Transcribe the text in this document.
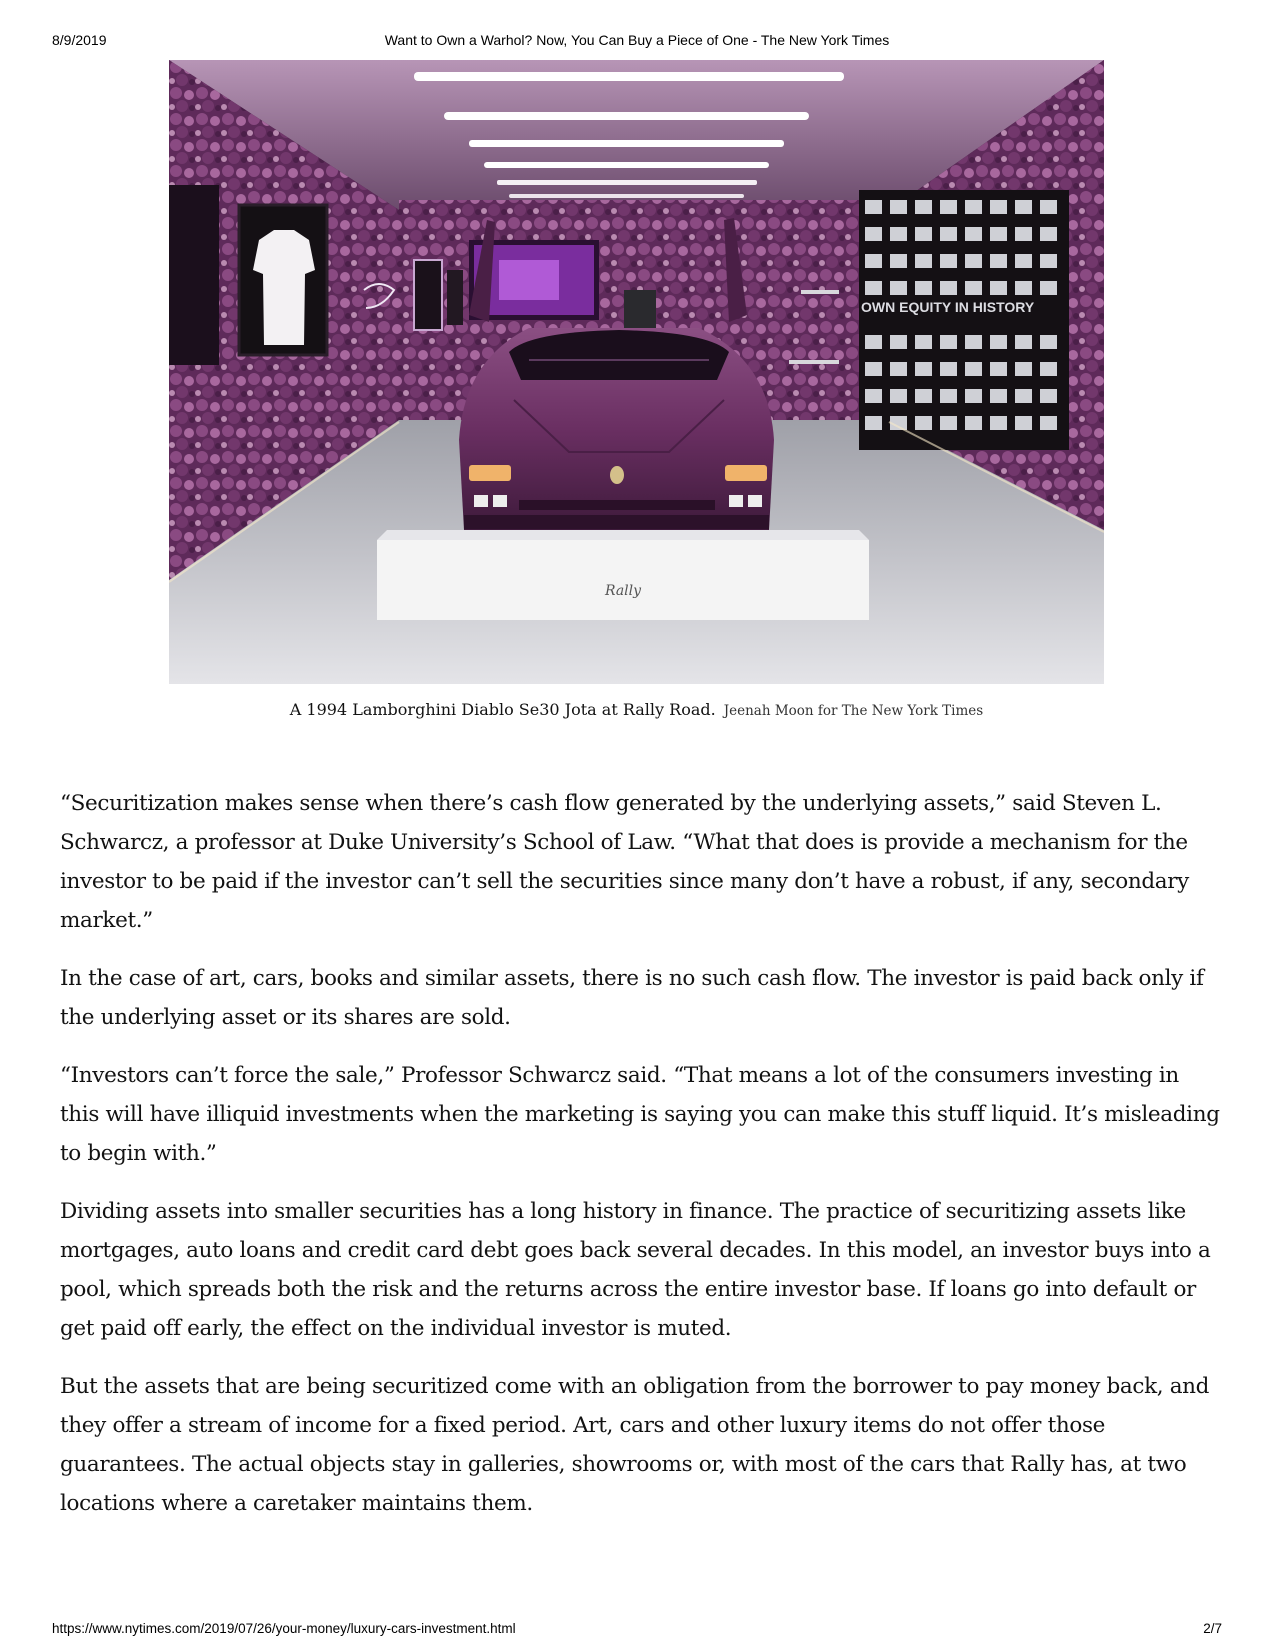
8/9/2019	Want to Own a Warhol? Now, You Can Buy a Piece of One - The New York Times
OWN EQUITY IN HISTORY
Rally
A 1994 Lamborghini Diablo Se30 Jota at Rally Road. Jeenah Moon for The New York Times

“Securitization makes sense when there’s cash flow generated by the underlying assets,” said Steven L. Schwarcz, a professor at Duke University’s School of Law. “What that does is provide a mechanism for the investor to be paid if the investor can’t sell the securities since many don’t have a robust, if any, secondary market.”

In the case of art, cars, books and similar assets, there is no such cash flow. The investor is paid back only if the underlying asset or its shares are sold.

“Investors can’t force the sale,” Professor Schwarcz said. “That means a lot of the consumers investing in this will have illiquid investments when the marketing is saying you can make this stuff liquid. It’s misleading to begin with.”

Dividing assets into smaller securities has a long history in finance. The practice of securitizing assets like mortgages, auto loans and credit card debt goes back several decades. In this model, an investor buys into a pool, which spreads both the risk and the returns across the entire investor base. If loans go into default or get paid off early, the effect on the individual investor is muted.

But the assets that are being securitized come with an obligation from the borrower to pay money back, and they offer a stream of income for a fixed period. Art, cars and other luxury items do not offer those guarantees. The actual objects stay in galleries, showrooms or, with most of the cars that Rally has, at two locations where a caretaker maintains them.

https://www.nytimes.com/2019/07/26/your-money/luxury-cars-investment.html	2/7
